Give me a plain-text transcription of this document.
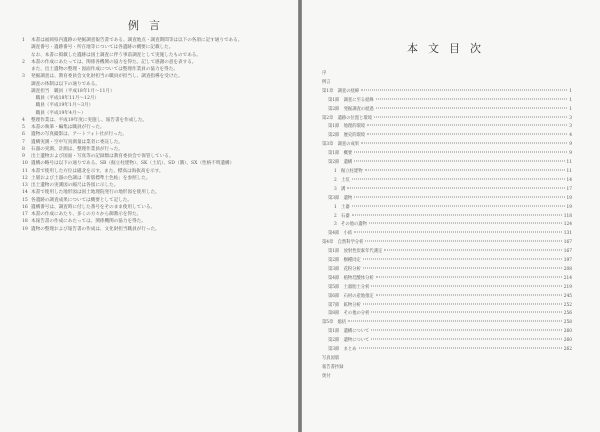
例言
1 本書は福岡県内遺跡の発掘調査報告書である。調査地点・調査期間等は以下の各項に記す通りである。
調査番号・遺跡番号・所在地等については各遺跡の概要に記載した。
なお、本書に掲載した遺跡は国土調査に伴う事前調査として実施したものである。
2 本書の作成にあたっては、関係各機関の協力を得た。記して感謝の意を表する。
また、出土遺物の整理・図面作成については整理作業員の協力を得た。
3 発掘調査は、教育委員会文化財担当の職員が担当し、調査指導を受けた。
調査の体制は以下の通りである。
調査担当　 職員（平成18年1月～11月）
　職員（平成18年11月～12月）
　職員（平成19年1月～3月）
　職員（平成19年4月～）
4 整理作業は、平成19年度に実施し、報告書を作成した。
5 本書の執筆・編集は職員が行った。
6 遺物の写真撮影は、アートフォト社が行った。
7 遺構実測・空中写真測量は業者に委託した。
8 石器の実測、計測は、整理作業員が行った。
9 出土遺物および図面・写真等の記録類は教育委員会で保管している。
10 遺構の略号は以下の通りである。SB（掘立柱建物）、SK（土坑）、SD（溝）、SX（性格不明遺構）
11 本書で使用した方位は磁北を示す。また、標高は海抜高を示す。
12 土層および土器の色調は「新版標準土色帖」を参照した。
13 出土遺物の実測図の縮尺は各図に示した。
14 本書で使用した地形図は国土地理院発行の地形図を使用した。
15 各遺跡の調査成果については概要として記した。
16 遺構番号は、調査時に付した番号をそのまま使用している。
17 本書の作成にあたり、多くの方々から御教示を得た。
18 本報告書の作成にあたっては、関係機関の協力を得た。
19 遺物の整理および報告書の作成は、文化財担当職員が行った。
本文目次
序
例言
第1章　調査の経緯	1
第1節　調査に至る経緯	1
第2節　発掘調査の経過	1
第2章　遺跡の位置と環境	3
第1節　地理的環境	3
第2節　歴史的環境	4
第3章　調査の成果	9
第1節　概要	9
第2節　遺構	11
1　掘立柱建物	11
2　土坑	14
3　溝	17
第3節　遺物	19
1　土器	19
2　石器	118
3　その他の遺物	124
第4節　小結	131
第4章　自然科学分析	167
第1節　放射性炭素年代測定	167
第2節　樹種同定	197
第3節　花粉分析	208
第4節　植物珪酸体分析	214
第5節　土器胎土分析	219
第6節　石材の産地推定	245
第7節　鉱物分析	252
第8節　その他の分析	256
第5章　総括	258
第1節　遺構について	260
第2節　遺物について	260
第3節　まとめ	262
写真図版
報告書抄録
奥付
